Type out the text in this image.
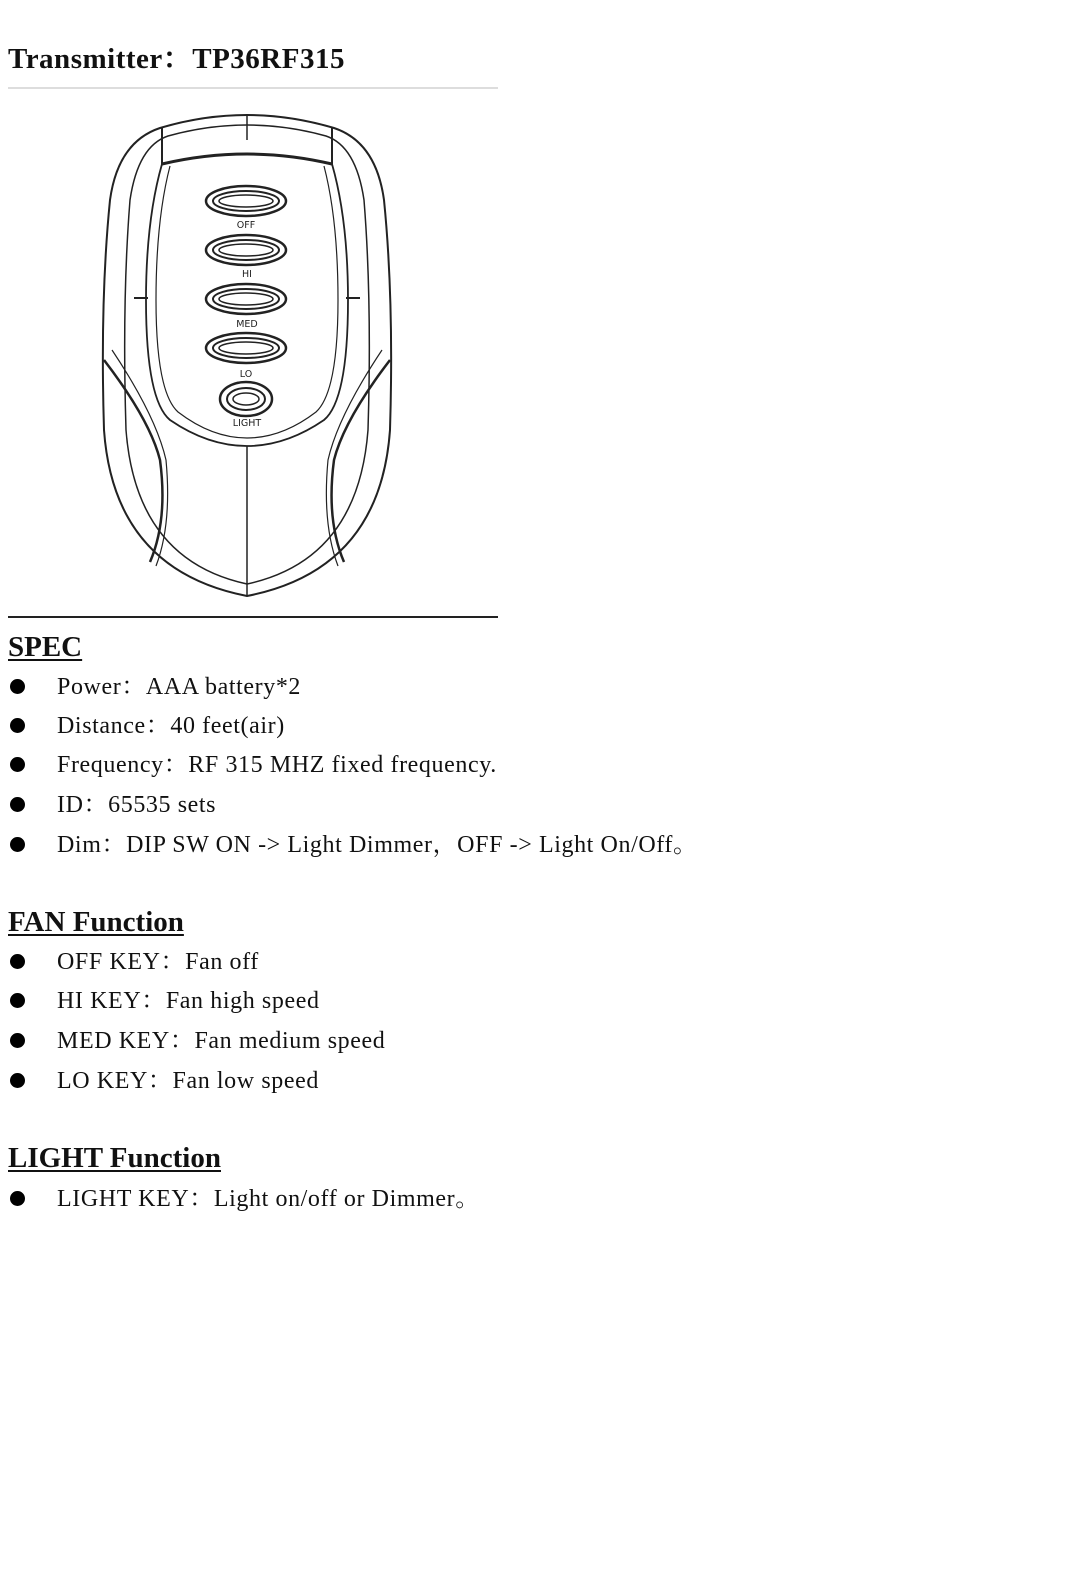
Transmitter：TP36RF315
OFF
HI
MED
LO
LIGHT
SPEC
Power：AAA battery*2
Distance：40 feet(air)
Frequency：RF 315 MHZ fixed frequency.
ID：65535 sets
Dim：DIP SW ON -> Light Dimmer，OFF -> Light On/Off。
FAN Function
OFF KEY：Fan off
HI KEY：Fan high speed
MED KEY：Fan medium speed
LO KEY：Fan low speed
LIGHT Function
LIGHT KEY：Light on/off or Dimmer。
